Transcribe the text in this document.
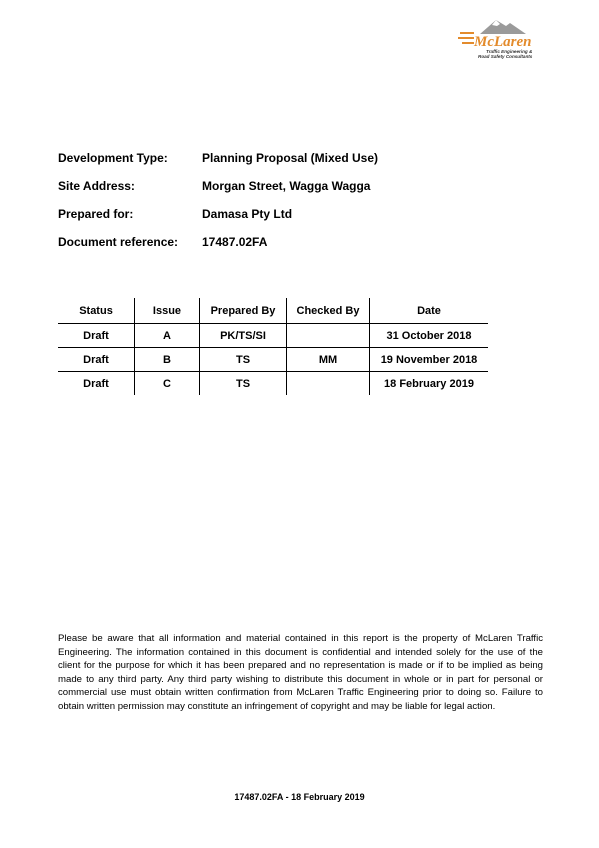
McLaren
Traffic Engineering &
Road Safety Consultants
Development Type:	Planning Proposal (Mixed Use)
Site Address:	Morgan Street, Wagga Wagga
Prepared for:	Damasa Pty Ltd
Document reference:	17487.02FA
Status	Issue	Prepared By	Checked By	Date
Draft	A	PK/TS/SI		31 October 2018
Draft	B	TS	MM	19 November 2018
Draft	C	TS		18 February 2019

Please be aware that all information and material contained in this report is the property of McLaren Traffic Engineering. The information contained in this document is confidential and intended solely for the use of the client for the purpose for which it has been prepared and no representation is made or if to be implied as being made to any third party. Any third party wishing to distribute this document in whole or in part for personal or commercial use must obtain written confirmation from McLaren Traffic Engineering prior to doing so. Failure to obtain written permission may constitute an infringement of copyright and may be liable for legal action.

17487.02FA - 18 February 2019
